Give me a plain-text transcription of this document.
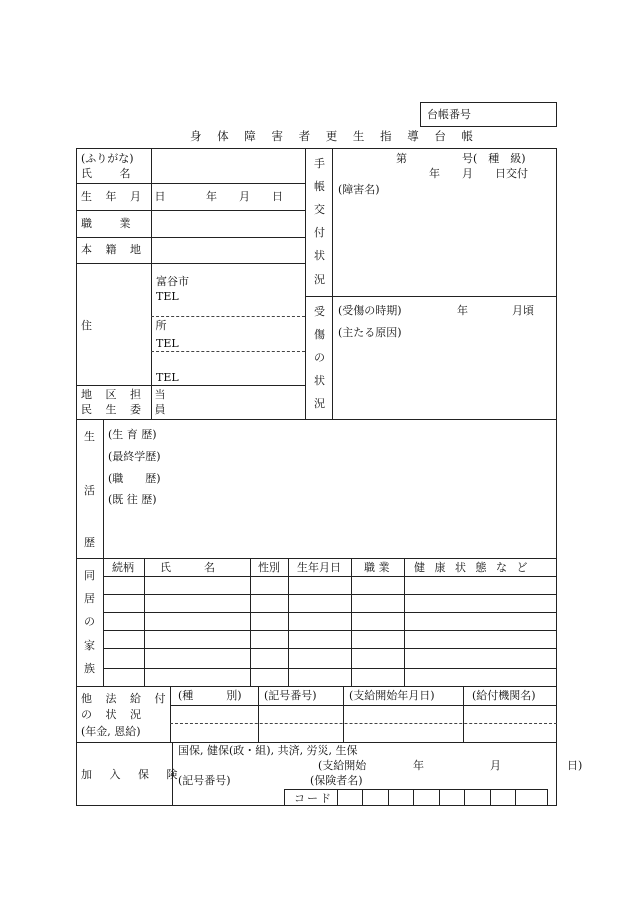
台帳番号
身 体 障 害 者 更 生 指 導 台 帳
(ふりがな)
氏 名
生 年 月 日	年　　月　　日
職 業
本 籍 地
住 所
富谷市
TEL
TEL
TEL
地 区 担 当
民 生 委 員
手
帳
交
付
状
況
第　　　　　号(　種　級)
年　　月　　日交付
(障害名)
受
傷
の
状
況
(受傷の時期)	年　　　　月頃
(主たる原因)
生
活
歴
(生 育 歴)
(最終学歴)
(職　　歴)
(既 往 歴)
同
居
の
家
族
続柄 氏　　　名	性別 生年月日 職 業 健 康 状 態 な ど
他 法 給 付
の 状 況
(年金, 恩給)
(種　　　別) (記号番号)	(支給開始年月日)	(給付機関名)
加 入 保 険
国保, 健保(政・組), 共済, 労災, 生保
(支給開始	年　　　　　　月　　　　　　日)
(記号番号)	(保険者名)
コード
